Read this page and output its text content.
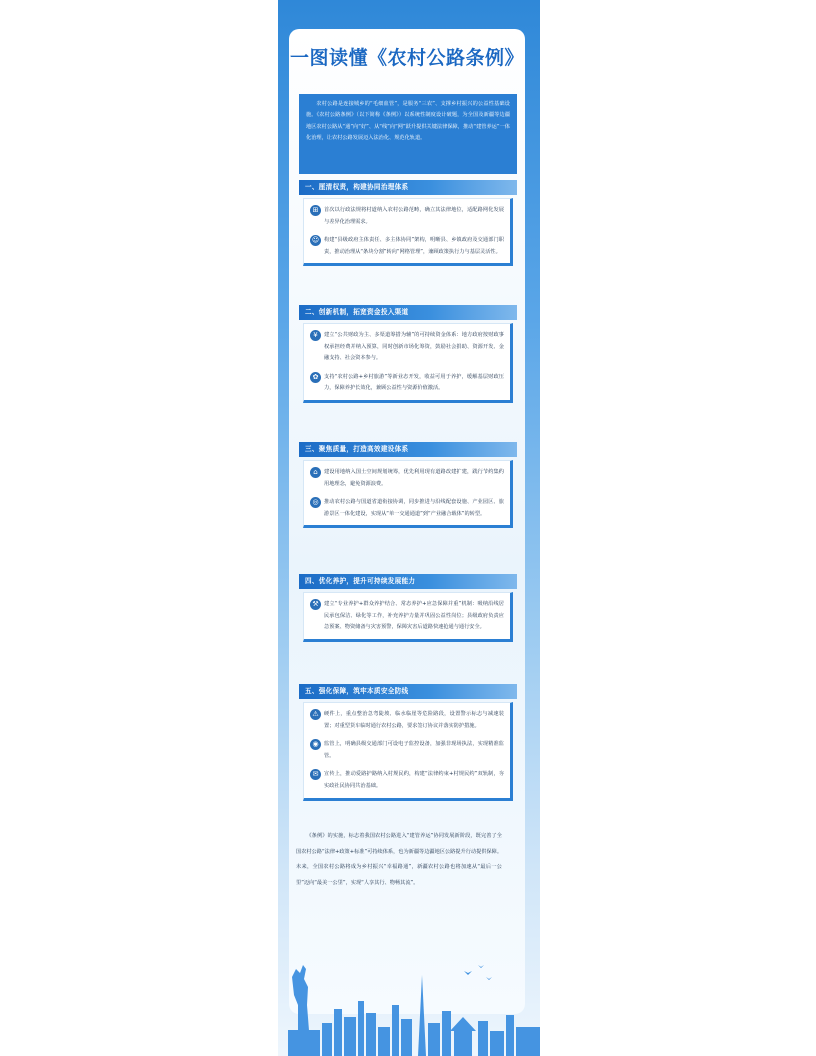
一图读懂《农村公路条例》
农村公路是连接城乡的“毛细血管”，是服务“三农”、支撑乡村振兴的公益性基础设施。《农村公路条例》（以下简称《条例》）以系统性制度设计破题，为全国及新疆等边疆地区农村公路从“通”向“好”、从“线”向“网”跃升提供关键法律保障，推动“建管养运”一体化治理，让农村公路发展迈入法治化、规范化轨道。
一、厘清权责，构建协同治理体系
⊞	首次以行政法规将村道纳入农村公路范畴，确立其法律地位，适配路网化发展与差异化治理需求。
☺ 构建“县级政府主体责任、多主体协同”架构，明晰县、乡镇政府及交通部门职责，推动治理从“条块分割”转向“网格管理”，兼顾政策执行力与基层灵活性。
二、创新机制，拓宽资金投入渠道
¥	建立“公共财政为主、多渠道筹措为辅”的可持续资金体系：地方政府按财政事权承担经费并纳入预算，同时创新市场化筹资，鼓励社会捐助、资源开发、金融支持、社会资本参与。
✿	支持“农村公路+乡村旅游”等新业态开发，收益可用于养护，缓解基层财政压力，保障养护长效化，兼顾公益性与资源价值激活。
三、聚焦质量，打造高效建设体系
⌂	建设用地纳入国土空间规划统筹，优先利用现有道路改建扩建，践行节约集约用地理念，避免资源浪费。
◎	推动农村公路与国道省道衔接协调，同步推进与沿线配套设施、产业园区、旅游景区一体化建设，实现从“单一交通通道”到“产业融合载体”的转型。
四、优化养护，提升可持续发展能力
⚒	建立“专业养护+群众养护结合、常态养护+应急保障并重”机制：吸纳沿线居民承包保洁、绿化等工作，补充养护力量并巩固公益性岗位；县级政府负责应急预案、物资储备与灾害预警，保障灾害后道路快速抢通与通行安全。
五、强化保障，筑牢本质安全防线
⚠	硬件上，重点整治急弯陡坡、临水临崖等危险路段，设置警示标志与减速装置；对重型货车临时通行农村公路，要求签订协议并落实防护措施。
◉	监管上，明确县级交通部门可设电子监控设备，加强非现场执法，实现精准监管。
✉	宣传上，推动爱路护路纳入村规民约，构建“法律约束+村规民约”双轨制，夯实政社民协同共治基础。
《条例》的实施，标志着我国农村公路进入“建管养运”协同发展新阶段，既完善了全国农村公路“法律+政策+标准”可持续体系，也为新疆等边疆地区公路提升行动提供保障。未来，全国农村公路将成为乡村振兴“幸福路通”，新疆农村公路也将加速从“最后一公里”迈向“最美一公里”，实现“人享其行、物畅其流”。
